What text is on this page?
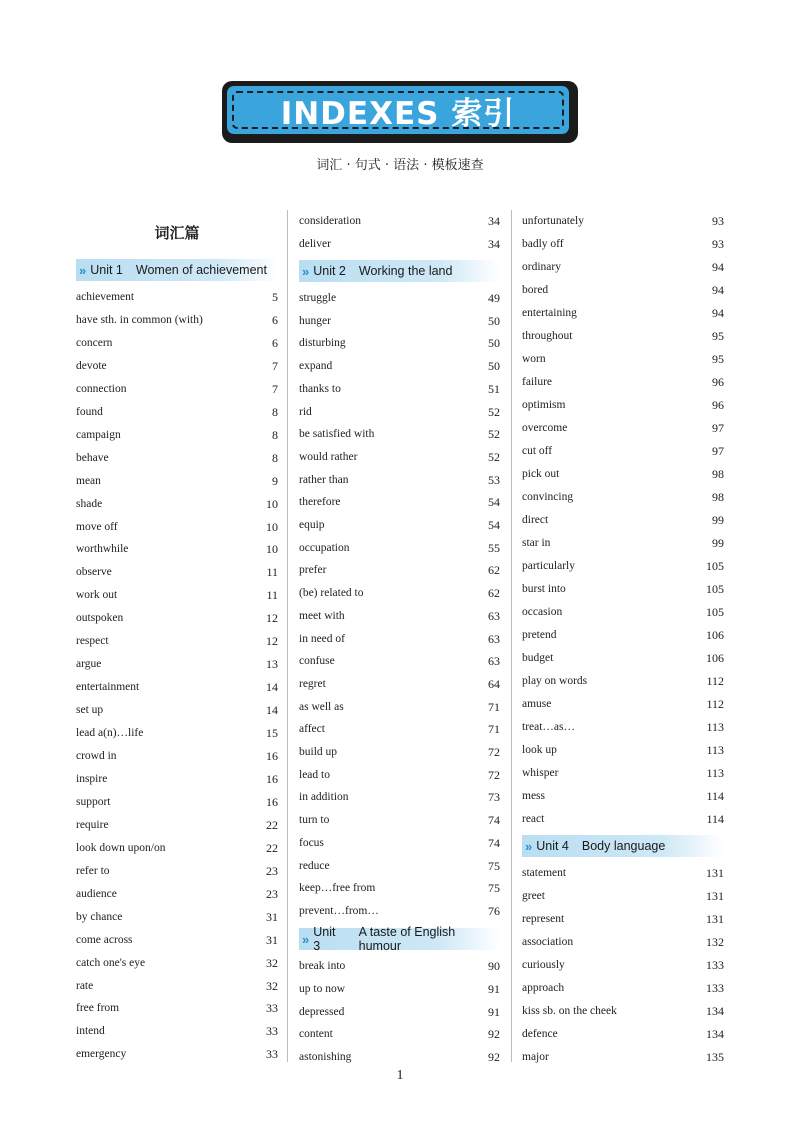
INDEXES 索引
词汇 · 句式 · 语法 · 模板速查
词汇篇
» Unit 1 Women of achievement
achievement	5
have sth. in common (with)	6
concern	6
devote	7
connection	7
found	8
campaign	8
behave	8
mean	9
shade	10
move off	10
worthwhile	10
observe	11
work out	11
outspoken	12
respect	12
argue	13
entertainment	14
set up	14
lead a(n)…life	15
crowd in	16
inspire	16
support	16
require	22
look down upon/on	22
refer to	23
audience	23
by chance	31
come across	31
catch one's eye	32
rate	32
free from	33
intend	33
emergency	33
consideration	34
deliver	34
» Unit 2 Working the land
struggle	49
hunger	50
disturbing	50
expand	50
thanks to	51
rid	52
be satisfied with	52
would rather	52
rather than	53
therefore	54
equip	54
occupation	55
prefer	62
(be) related to	62
meet with	63
in need of	63
confuse	63
regret	64
as well as	71
affect	71
build up	72
lead to	72
in addition	73
turn to	74
focus	74
reduce	75
keep…free from	75
prevent…from…	76
» Unit 3
A taste of English humour
break into	90
up to now	91
depressed	91
content	92
astonishing	92
unfortunately	93
badly off	93
ordinary	94
bored	94
entertaining	94
throughout	95
worn	95
failure	96
optimism	96
overcome	97
cut off	97
pick out	98
convincing	98
direct	99
star in	99
particularly	105
burst into	105
occasion	105
pretend	106
budget	106
play on words	112
amuse	112
treat…as…	113
look up	113
whisper	113
mess	114
react	114
» Unit 4 Body language
statement	131
greet	131
represent	131
association	132
curiously	133
approach	133
kiss sb. on the cheek	134
defence	134
major	135
1
